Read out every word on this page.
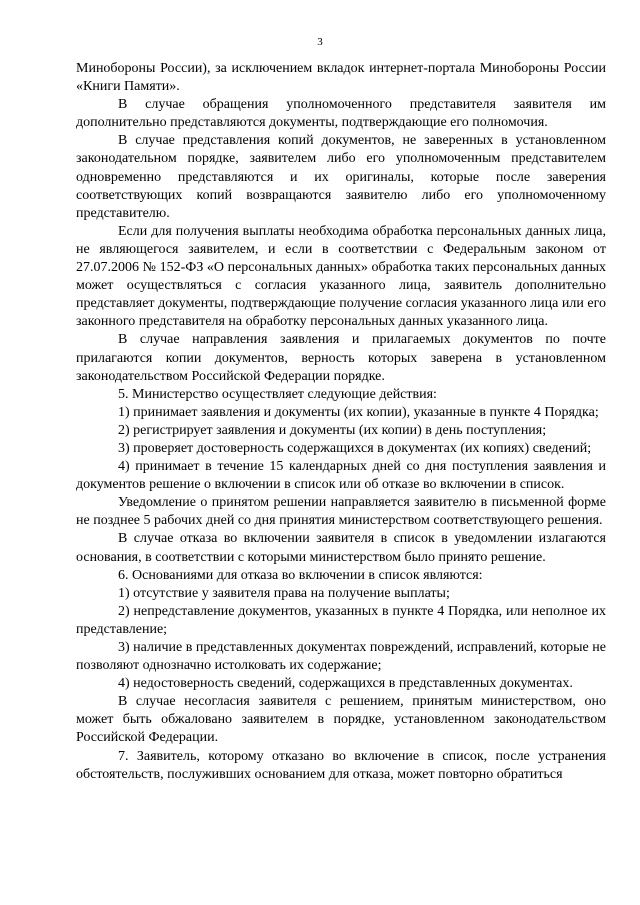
3

Минобороны России), за исключением вкладок интернет-портала Минобороны России «Книги Памяти».

В случае обращения уполномоченного представителя заявителя им дополнительно представляются документы, подтверждающие его полномочия.

В случае представления копий документов, не заверенных в установленном законодательном порядке, заявителем либо его уполномоченным представителем одновременно представляются и их оригиналы, которые после заверения соответствующих копий возвращаются заявителю либо его уполномоченному представителю.

Если для получения выплаты необходима обработка персональных данных лица, не являющегося заявителем, и если в соответствии с Федеральным законом от 27.07.2006 № 152-ФЗ «О персональных данных» обработка таких персональных данных может осуществляться с согласия указанного лица, заявитель дополнительно представляет документы, подтверждающие получение согласия указанного лица или его законного представителя на обработку персональных данных указанного лица.

В случае направления заявления и прилагаемых документов по почте прилагаются копии документов, верность которых заверена в установленном законодательством Российской Федерации порядке.

5. Министерство осуществляет следующие действия:

1) принимает заявления и документы (их копии), указанные в пункте 4 Порядка;

2) регистрирует заявления и документы (их копии) в день поступления;

3) проверяет достоверность содержащихся в документах (их копиях) сведений;

4) принимает в течение 15 календарных дней со дня поступления заявления и документов решение о включении в список или об отказе во включении в список.

Уведомление о принятом решении направляется заявителю в письменной форме не позднее 5 рабочих дней со дня принятия министерством соответствующего решения.

В случае отказа во включении заявителя в список в уведомлении излагаются основания, в соответствии с которыми министерством было принято решение.

6. Основаниями для отказа во включении в список являются:

1) отсутствие у заявителя права на получение выплаты;

2) непредставление документов, указанных в пункте 4 Порядка, или неполное их представление;

3) наличие в представленных документах повреждений, исправлений, которые не позволяют однозначно истолковать их содержание;

4) недостоверность сведений, содержащихся в представленных документах.

В случае несогласия заявителя с решением, принятым министерством, оно может быть обжаловано заявителем в порядке, установленном законодательством Российской Федерации.

7. Заявитель, которому отказано во включение в список, после устранения обстоятельств, послуживших основанием для отказа, может повторно обратиться
